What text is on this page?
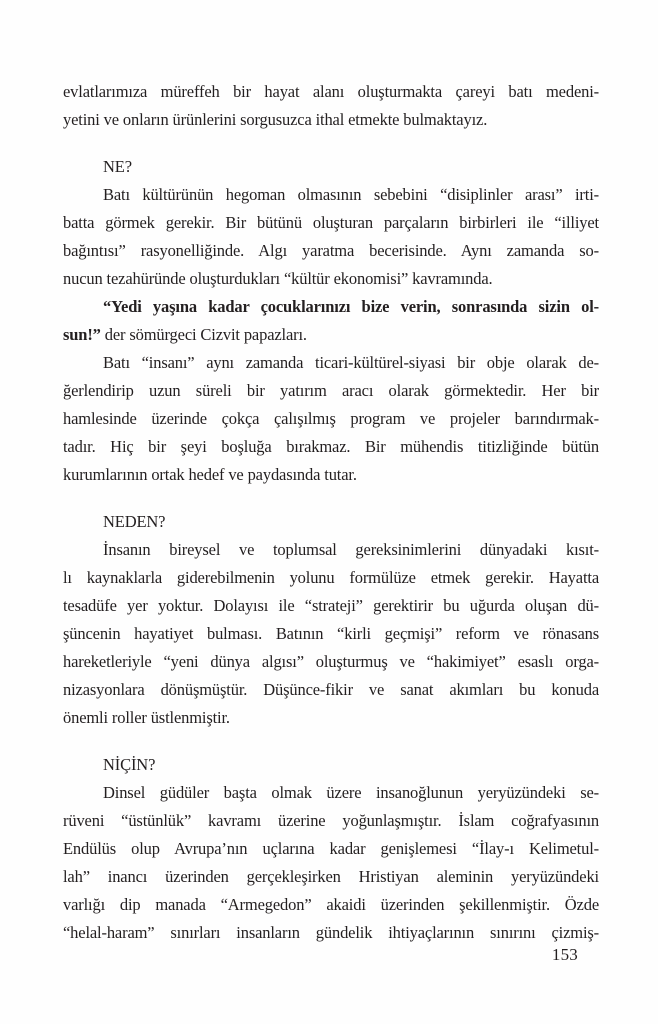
evlatlarımıza müreffeh bir hayat alanı oluşturmakta çareyi batı medeni-
yetini ve onların ürünlerini sorgusuzca ithal etmekte bulmaktayız.
NE?
Batı kültürünün hegoman olmasının sebebini “disiplinler arası” irti-
batta görmek gerekir. Bir bütünü oluşturan parçaların birbirleri ile “illiyet
bağıntısı” rasyonelliğinde. Algı yaratma becerisinde. Aynı zamanda so-
nucun tezahüründe oluşturdukları “kültür ekonomisi” kavramında.
“Yedi yaşına kadar çocuklarınızı bize verin, sonrasında sizin ol-
sun!” der sömürgeci Cizvit papazları.
Batı “insanı” aynı zamanda ticari-kültürel-siyasi bir obje olarak de-
ğerlendirip uzun süreli bir yatırım aracı olarak görmektedir. Her bir
hamlesinde üzerinde çokça çalışılmış program ve projeler barındırmak-
tadır. Hiç bir şeyi boşluğa bırakmaz. Bir mühendis titizliğinde bütün
kurumlarının ortak hedef ve paydasında tutar.
NEDEN?
İnsanın bireysel ve toplumsal gereksinimlerini dünyadaki kısıt-
lı kaynaklarla giderebilmenin yolunu formülüze etmek gerekir. Hayatta
tesadüfe yer yoktur. Dolayısı ile “strateji” gerektirir bu uğurda oluşan dü-
şüncenin hayatiyet bulması. Batının “kirli geçmişi” reform ve rönasans
hareketleriyle “yeni dünya algısı” oluşturmuş ve “hakimiyet” esaslı orga-
nizasyonlara dönüşmüştür. Düşünce-fikir ve sanat akımları bu konuda
önemli roller üstlenmiştir.
NİÇİN?
Dinsel güdüler başta olmak üzere insanoğlunun yeryüzündeki se-
rüveni “üstünlük” kavramı üzerine yoğunlaşmıştır. İslam coğrafyasının
Endülüs olup Avrupa’nın uçlarına kadar genişlemesi “İlay-ı Kelimetul-
lah” inancı üzerinden gerçekleşirken Hristiyan aleminin yeryüzündeki
varlığı dip manada “Armegedon” akaidi üzerinden şekillenmiştir. Özde
“helal-haram” sınırları insanların gündelik ihtiyaçlarının sınırını çizmiş-
153
